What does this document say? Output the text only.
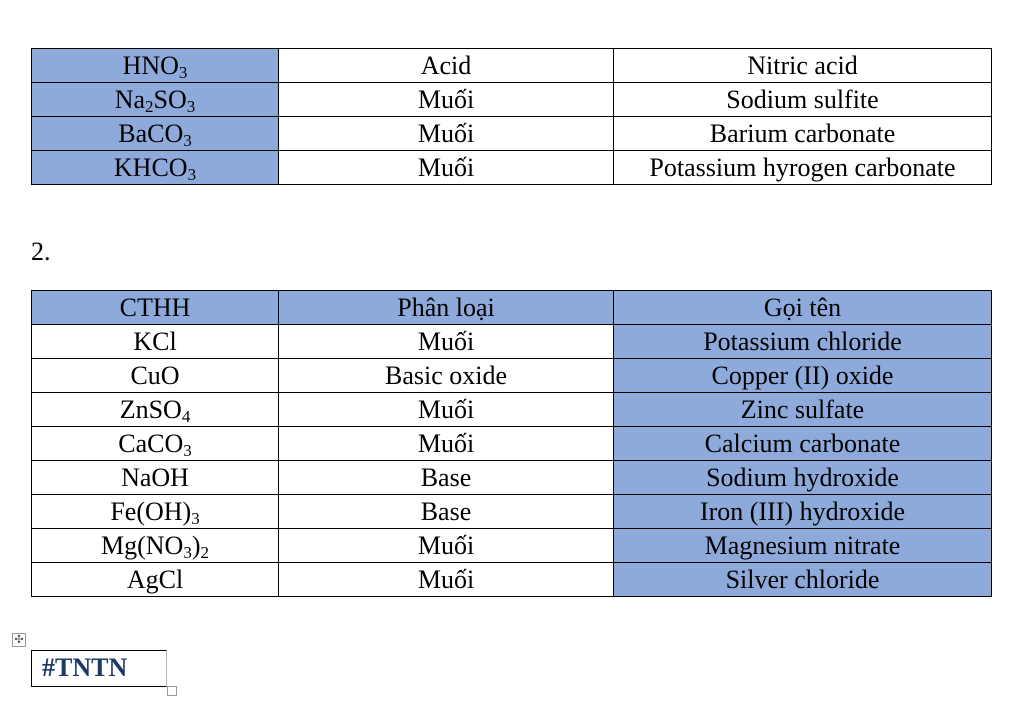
$HNO_3$	Acid	Nitric acid
$Na_2SO_3$	Muối	Sodium sulfite
BaCO$_3$	Muối	Barium carbonate
$KHCO_3$	Muối	Potassium hyrogen carbonate
2.
CTHH	Phân loại	Gọi tên
KCl	Muối	Potassium chloride
CuO	Basic oxide	Copper (II) oxide
ZnSO$_4$	Muối	Zinc sulfate
CaCO$_3$	Muối	Calcium carbonate
NaOH	Base	Sodium hydroxide
$Fe(OH)_3$	Base	Iron (III) hydroxide
$Mg(NO_3)_2$	Muối	Magnesium nitrate
AgCl	Muối	Silver chloride
✣
#TNTN
